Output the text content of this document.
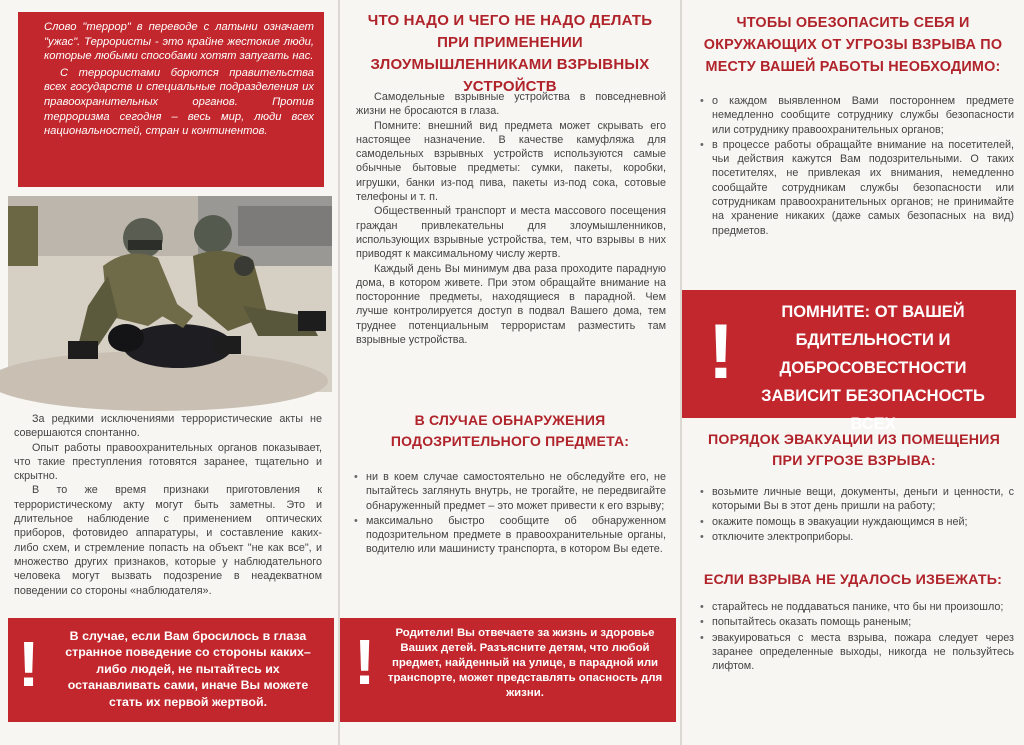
Слово "террор" в переводе с латыни означает "ужас". Террористы - это крайне жестокие люди, которые любыми способами хотят запугать нас.

С террористами борются правительства всех государств и специальные подразделения их правоохранительных органов. Против терроризма сегодня – весь мир, люди всех национальностей, стран и континентов.

За редкими исключениями террористические акты не совершаются спонтанно.

Опыт работы правоохранительных органов показывает, что такие преступления готовятся заранее, тщательно и скрытно.

В то же время признаки приготовления к террористическому акту могут быть заметны. Это и длительное наблюдение с применением оптических приборов, фотовидео аппаратуры, и составление каких-либо схем, и стремление попасть на объект "не как все", и множество других признаков, которые у наблюдательного человека могут вызвать подозрение в неадекватном поведении со стороны «наблюдателя».

!	В случае, если Вам бросилось в глаза странное поведение со стороны каких–либо людей, не пытайтесь их останавливать сами, иначе Вы можете стать их первой жертвой.
ЧТО НАДО И ЧЕГО НЕ НАДО ДЕЛАТЬ ПРИ ПРИМЕНЕНИИ ЗЛОУМЫШЛЕННИКАМИ ВЗРЫВНЫХ УСТРОЙСТВ

Самодельные взрывные устройства в повседневной жизни не бросаются в глаза.

Помните: внешний вид предмета может скрывать его настоящее назначение. В качестве камуфляжа для самодельных взрывных устройств используются самые обычные бытовые предметы: сумки, пакеты, коробки, игрушки, банки из-под пива, пакеты из-под сока, сотовые телефоны и т. п.

Общественный транспорт и места массового посещения граждан привлекательны для злоумышленников, использующих взрывные устройства, тем, что взрывы в них приводят к максимальному числу жертв.

Каждый день Вы минимум два раза проходите парадную дома, в котором живете. При этом обращайте внимание на посторонние предметы, находящиеся в парадной. Чем лучше контролируется доступ в подвал Вашего дома, тем труднее потенциальным террористам разместить там взрывные устройства.

В СЛУЧАЕ ОБНАРУЖЕНИЯ ПОДОЗРИТЕЛЬНОГО ПРЕДМЕТА:
• ни в коем случае самостоятельно не обследуйте его, не пытайтесь заглянуть внутрь, не трогайте, не передвигайте обнаруженный предмет – это может привести к его взрыву;
• максимально быстро сообщите об обнаруженном подозрительном предмете в правоохранительные органы, водителю или машинисту транспорта, в котором Вы едете.
!	Родители! Вы отвечаете за жизнь и здоровье Ваших детей. Разъясните детям, что любой предмет, найденный на улице, в парадной или транспорте, может представлять опасность для жизни.
ЧТОБЫ ОБЕЗОПАСИТЬ СЕБЯ И ОКРУЖАЮЩИХ ОТ УГРОЗЫ ВЗРЫВА ПО МЕСТУ ВАШЕЙ РАБОТЫ НЕОБХОДИМО:
• о каждом выявленном Вами постороннем предмете немедленно сообщите сотруднику службы безопасности или сотруднику правоохранительных органов;
• в процессе работы обращайте внимание на посетителей, чьи действия кажутся Вам подозрительными. О таких посетителях, не привлекая их внимания, немедленно сообщайте сотрудникам службы безопасности или сотрудникам правоохранительных органов; не принимайте на хранение никаких (даже самых безопасных на вид) предметов.
!	ПОМНИТЕ: ОТ ВАШЕЙ БДИТЕЛЬНОСТИ И ДОБРОСОВЕСТНОСТИ ЗАВИСИТ БЕЗОПАСНОСТЬ ВСЕХ
ПОРЯДОК ЭВАКУАЦИИ ИЗ ПОМЕЩЕНИЯ ПРИ УГРОЗЕ ВЗРЫВА:
• возьмите личные вещи, документы, деньги и ценности, с которыми Вы в этот день пришли на работу;
• окажите помощь в эвакуации нуждающимся в ней;
• отключите электроприборы.
ЕСЛИ ВЗРЫВА НЕ УДАЛОСЬ ИЗБЕЖАТЬ:
• старайтесь не поддаваться панике, что бы ни произошло;
• попытайтесь оказать помощь раненым;
• эвакуироваться с места взрыва, пожара следует через заранее определенные выходы, никогда не пользуйтесь лифтом.
